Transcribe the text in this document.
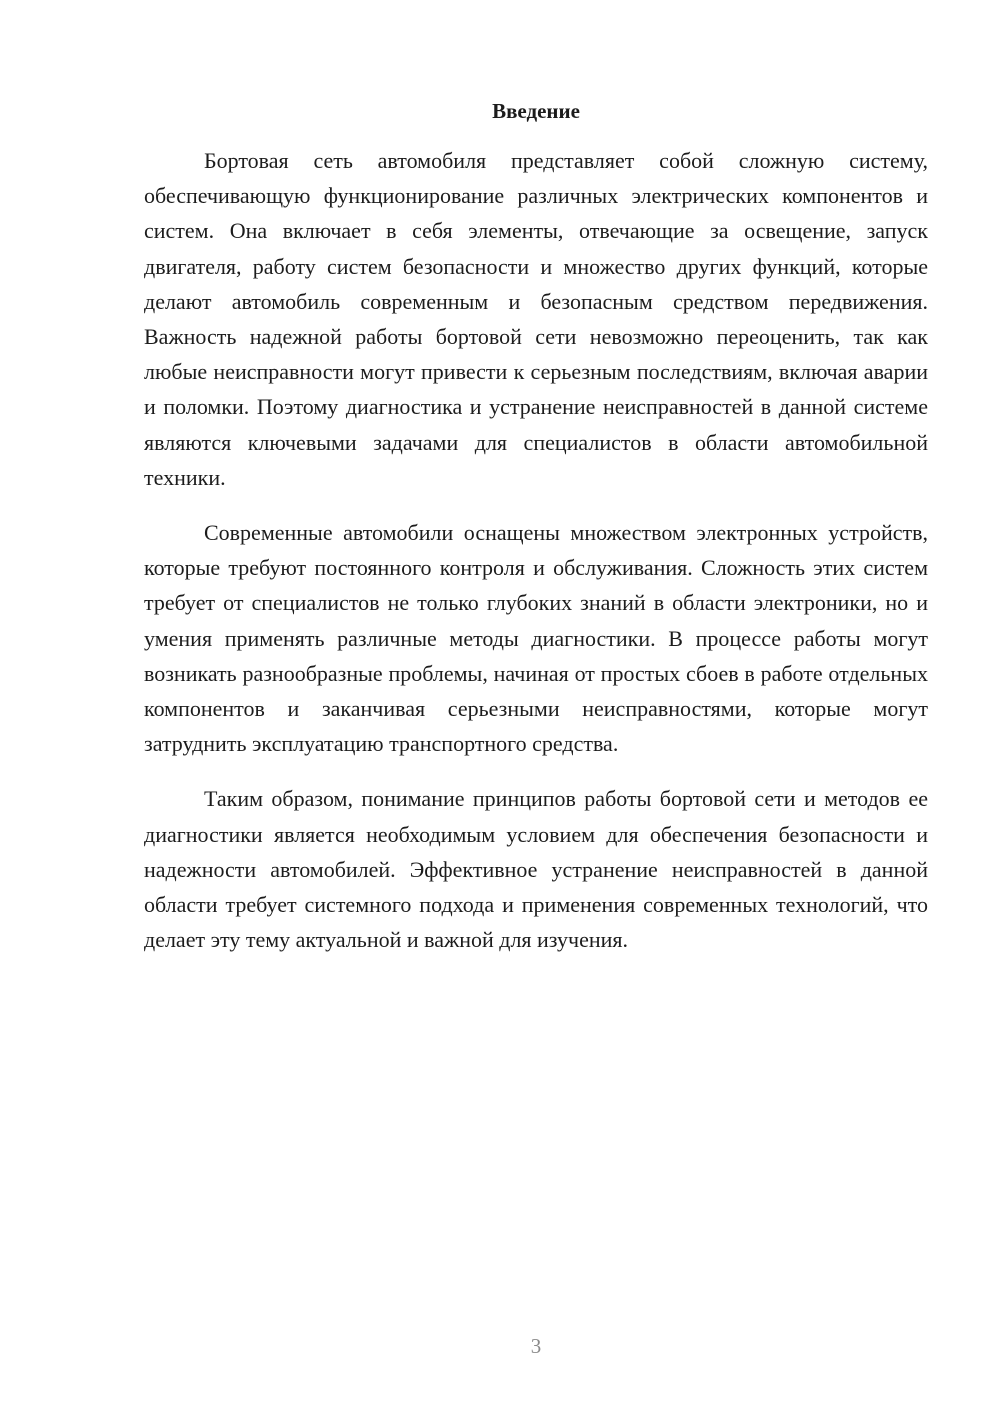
Введение

Бортовая сеть автомобиля представляет собой сложную систему, обеспечивающую функционирование различных электрических компонентов и систем. Она включает в себя элементы, отвечающие за освещение, запуск двигателя, работу систем безопасности и множество других функций, которые делают автомобиль современным и безопасным средством передвижения. Важность надежной работы бортовой сети невозможно переоценить, так как любые неисправности могут привести к серьезным последствиям, включая аварии и поломки. Поэтому диагностика и устранение неисправностей в данной системе являются ключевыми задачами для специалистов в области автомобильной техники.

Современные автомобили оснащены множеством электронных устройств, которые требуют постоянного контроля и обслуживания. Сложность этих систем требует от специалистов не только глубоких знаний в области электроники, но и умения применять различные методы диагностики. В процессе работы могут возникать разнообразные проблемы, начиная от простых сбоев в работе отдельных компонентов и заканчивая серьезными неисправностями, которые могут затруднить эксплуатацию транспортного средства.

Таким образом, понимание принципов работы бортовой сети и методов ее диагностики является необходимым условием для обеспечения безопасности и надежности автомобилей. Эффективное устранение неисправностей в данной области требует системного подхода и применения современных технологий, что делает эту тему актуальной и важной для изучения.

3
